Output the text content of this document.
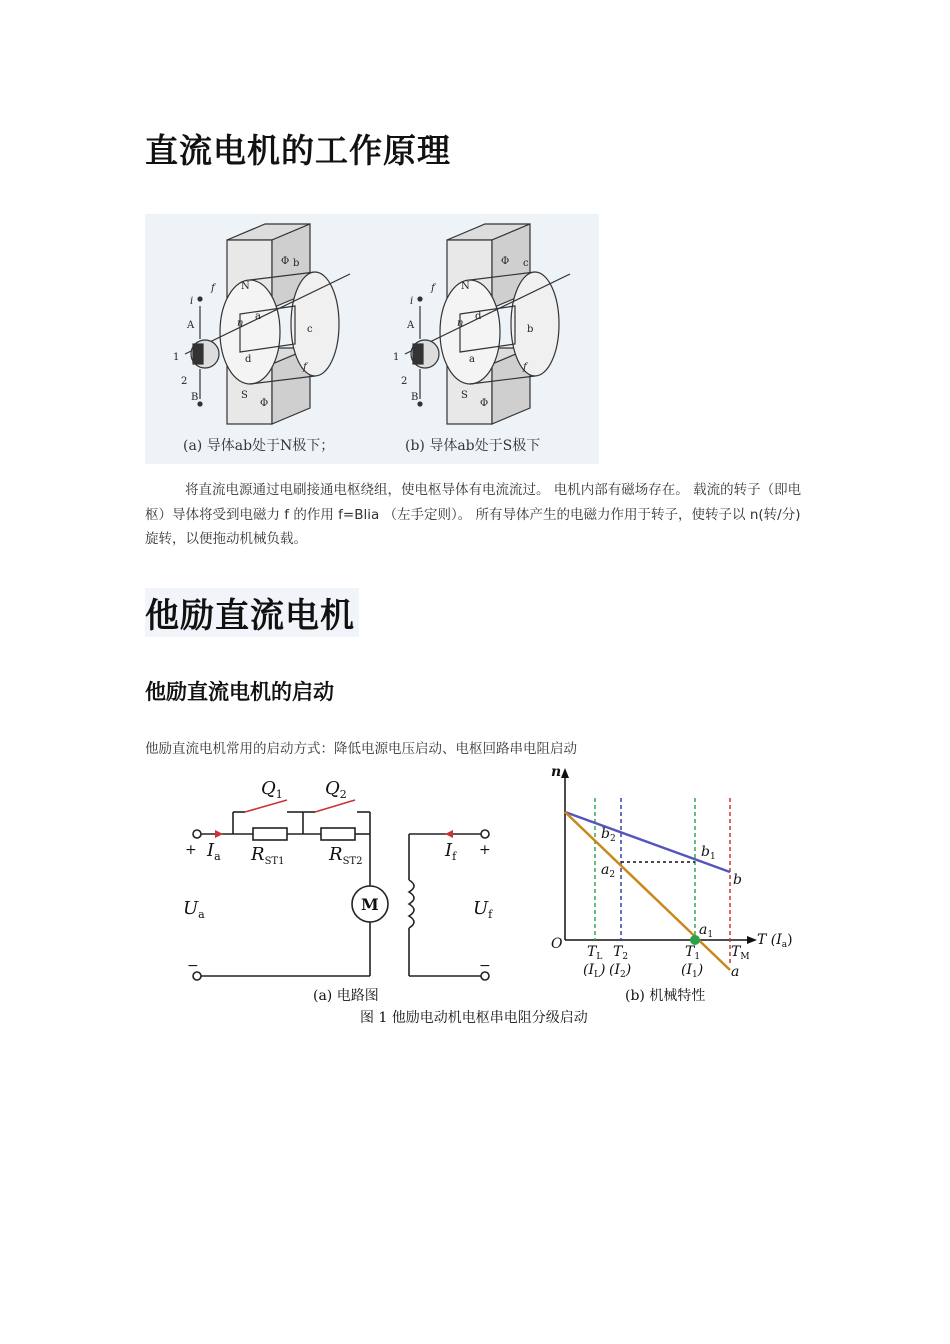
直流电机的工作原理
N
Φ b
f
i
A	n
a
c
1	d
2
B	S
Φ
f
N
Φ c
f
i
A	n
d
b
1	a
2
B	S
Φ
f
(a) 导体ab处于N极下；	(b) 导体ab处于S极下

将直流电源通过电刷接通电枢绕组，使电枢导体有电流流过。 电机内部有磁场存在。 载流的转子（即电枢）导体将受到电磁力 f 的作用 f=Blia （左手定则）。 所有导体产生的电磁力作用于转子，使转子以 n(转/分)旋转，以便拖动机械负载。

他励直流电机
他励直流电机的启动

他励直流电机常用的启动方式：降低电源电压启动、电枢回路串电阻启动

$Q_1$ $Q_2$
$R_{ST1}$ $R_{ST2}$
$I_a$	$I_f$
$U_a$	$U_f$
+	+
−	−
M
(a) 电路图
n
T $(I_a)$
O
$b_2$
$a_2$
$b_1$
b
$a_1$
a
$T_L$ $T_2$
$(I_L)$ $(I_2)$
$T_1$
$(I_1)$
$T_M$
(b) 机械特性
图 1 他励电动机电枢串电阻分级启动
